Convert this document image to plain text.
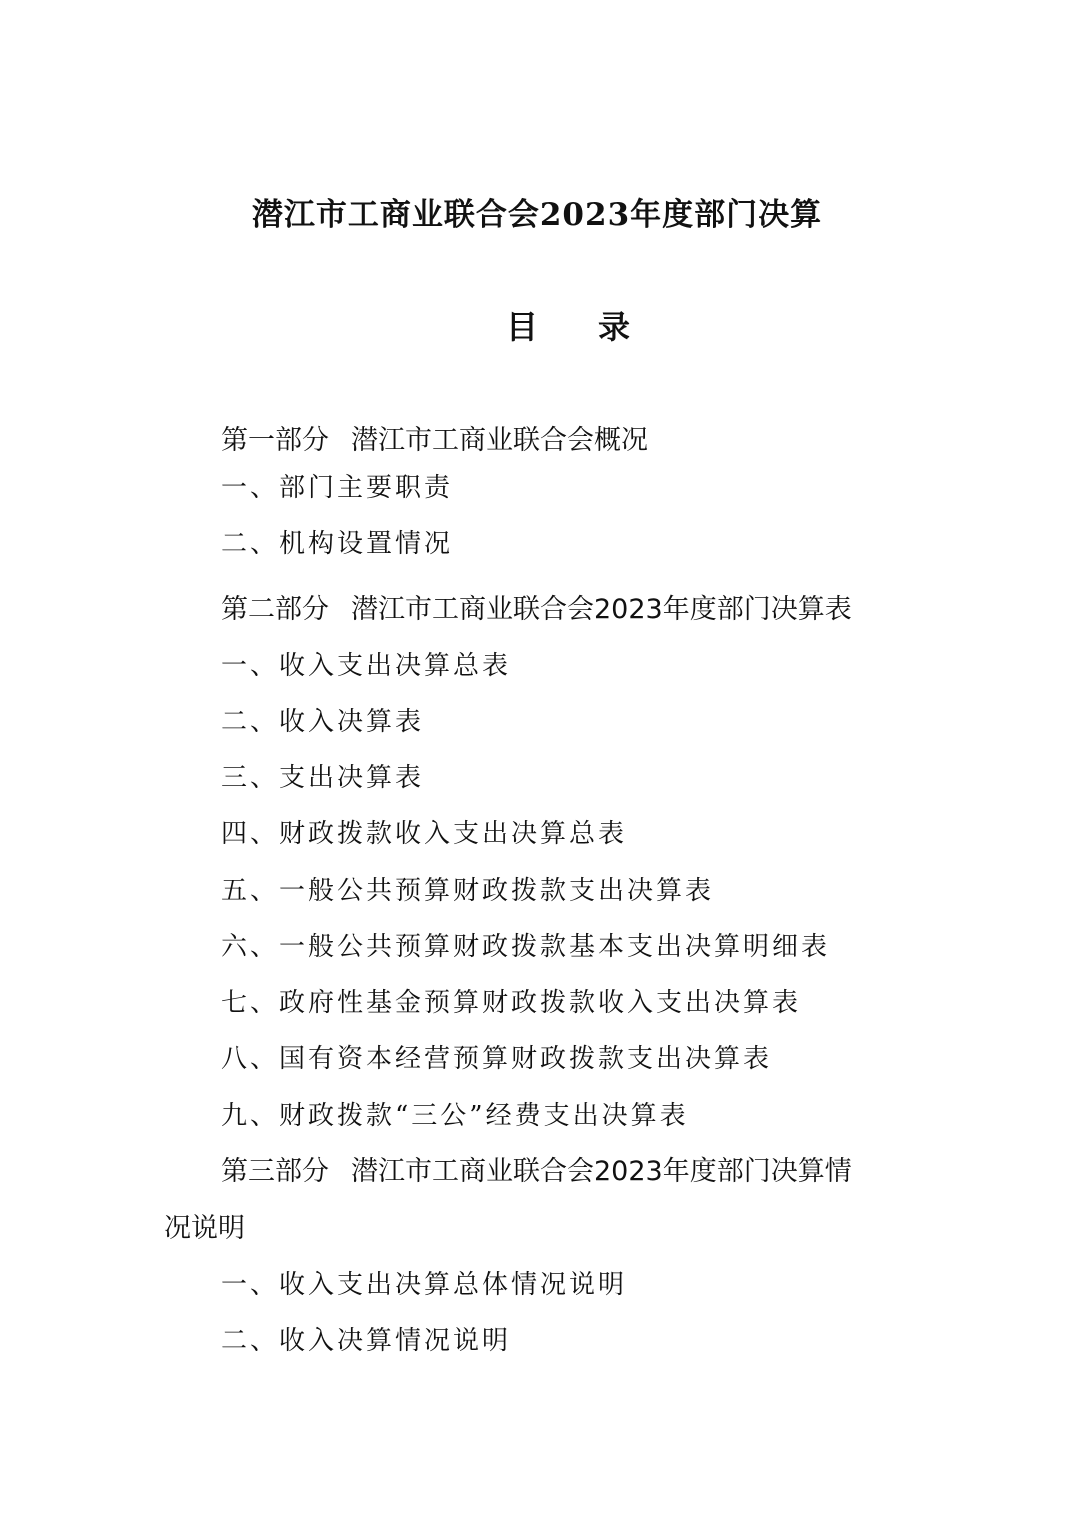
潜江市工商业联合会2023年度部门决算
目 录
第一部分 潜江市工商业联合会概况
一、部门主要职责
二、机构设置情况
第二部分 潜江市工商业联合会2023年度部门决算表
一、收入支出决算总表
二、收入决算表
三、支出决算表
四、财政拨款收入支出决算总表
五、一般公共预算财政拨款支出决算表
六、一般公共预算财政拨款基本支出决算明细表
七、政府性基金预算财政拨款收入支出决算表
八、国有资本经营预算财政拨款支出决算表
九、财政拨款“三公”经费支出决算表
第三部分 潜江市工商业联合会2023年度部门决算情
况说明
一、收入支出决算总体情况说明
二、收入决算情况说明
